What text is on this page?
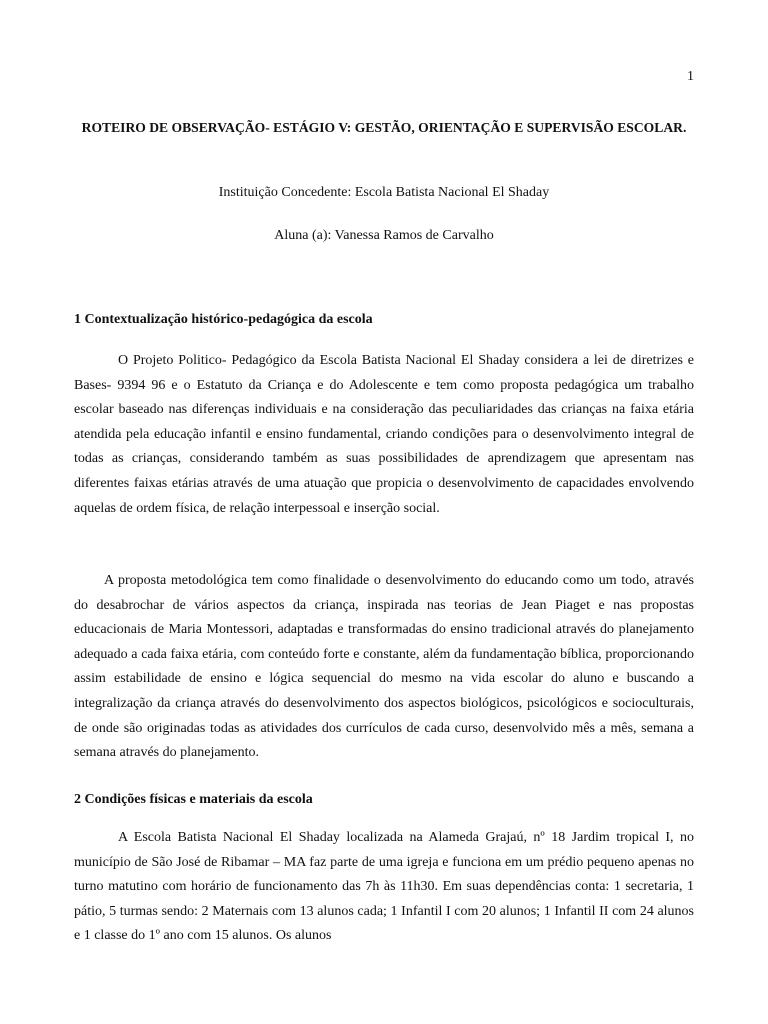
1
ROTEIRO DE OBSERVAÇÃO- ESTÁGIO V: GESTÃO, ORIENTAÇÃO E SUPERVISÃO ESCOLAR.

Instituição Concedente: Escola Batista Nacional El Shaday

Aluna (a): Vanessa Ramos de Carvalho

1 Contextualização histórico-pedagógica da escola

O Projeto Politico- Pedagógico da Escola Batista Nacional El Shaday considera a lei de diretrizes e Bases- 9394 96 e o Estatuto da Criança e do Adolescente e tem como proposta pedagógica um trabalho escolar baseado nas diferenças individuais e na consideração das peculiaridades das crianças na faixa etária atendida pela educação infantil e ensino fundamental, criando condições para o desenvolvimento integral de todas as crianças, considerando também as suas possibilidades de aprendizagem que apresentam nas diferentes faixas etárias através de uma atuação que propicia o desenvolvimento de capacidades envolvendo aquelas de ordem física, de relação interpessoal e inserção social.

A proposta metodológica tem como finalidade o desenvolvimento do educando como um todo, através do desabrochar de vários aspectos da criança, inspirada nas teorias de Jean Piaget e nas propostas educacionais de Maria Montessori, adaptadas e transformadas do ensino tradicional através do planejamento adequado a cada faixa etária, com conteúdo forte e constante, além da fundamentação bíblica, proporcionando assim estabilidade de ensino e lógica sequencial do mesmo na vida escolar do aluno e buscando a integralização da criança através do desenvolvimento dos aspectos biológicos, psicológicos e socioculturais, de onde são originadas todas as atividades dos currículos de cada curso, desenvolvido mês a mês, semana a semana através do planejamento.

2 Condições físicas e materiais da escola

A Escola Batista Nacional El Shaday localizada na Alameda Grajaú, nº 18 Jardim tropical I, no município de São José de Ribamar – MA faz parte de uma igreja e funciona em um prédio pequeno apenas no turno matutino com horário de funcionamento das 7h às 11h30. Em suas dependências conta: 1 secretaria, 1 pátio, 5 turmas sendo: 2 Maternais com 13 alunos cada; 1 Infantil I com 20 alunos; 1 Infantil II com 24 alunos e 1 classe do 1º ano com 15 alunos. Os alunos
